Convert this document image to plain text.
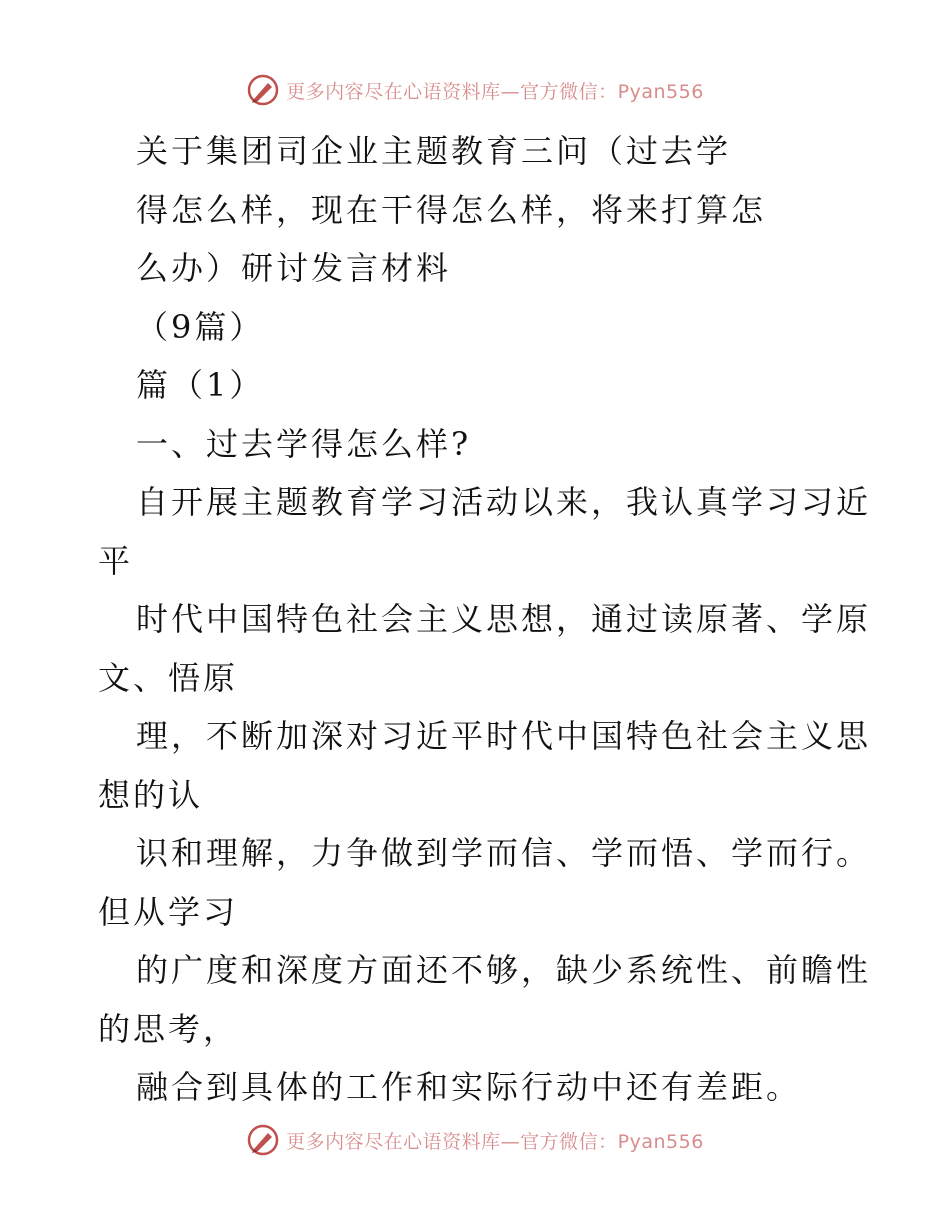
更多内容尽在心语资料库—官方微信：Pyan556
关于集团司企业主题教育三问（过去学
得怎么样，现在干得怎么样，将来打算怎
么办）研讨发言材料
（9篇）
篇（1）
一、过去学得怎么样?
自开展主题教育学习活动以来，我认真学习习近
平
时代中国特色社会主义思想，通过读原著、学原
文、悟原
理，不断加深对习近平时代中国特色社会主义思
想的认
识和理解，力争做到学而信、学而悟、学而行。
但从学习
的广度和深度方面还不够，缺少系统性、前瞻性
的思考，
融合到具体的工作和实际行动中还有差距。
更多内容尽在心语资料库—官方微信：Pyan556
